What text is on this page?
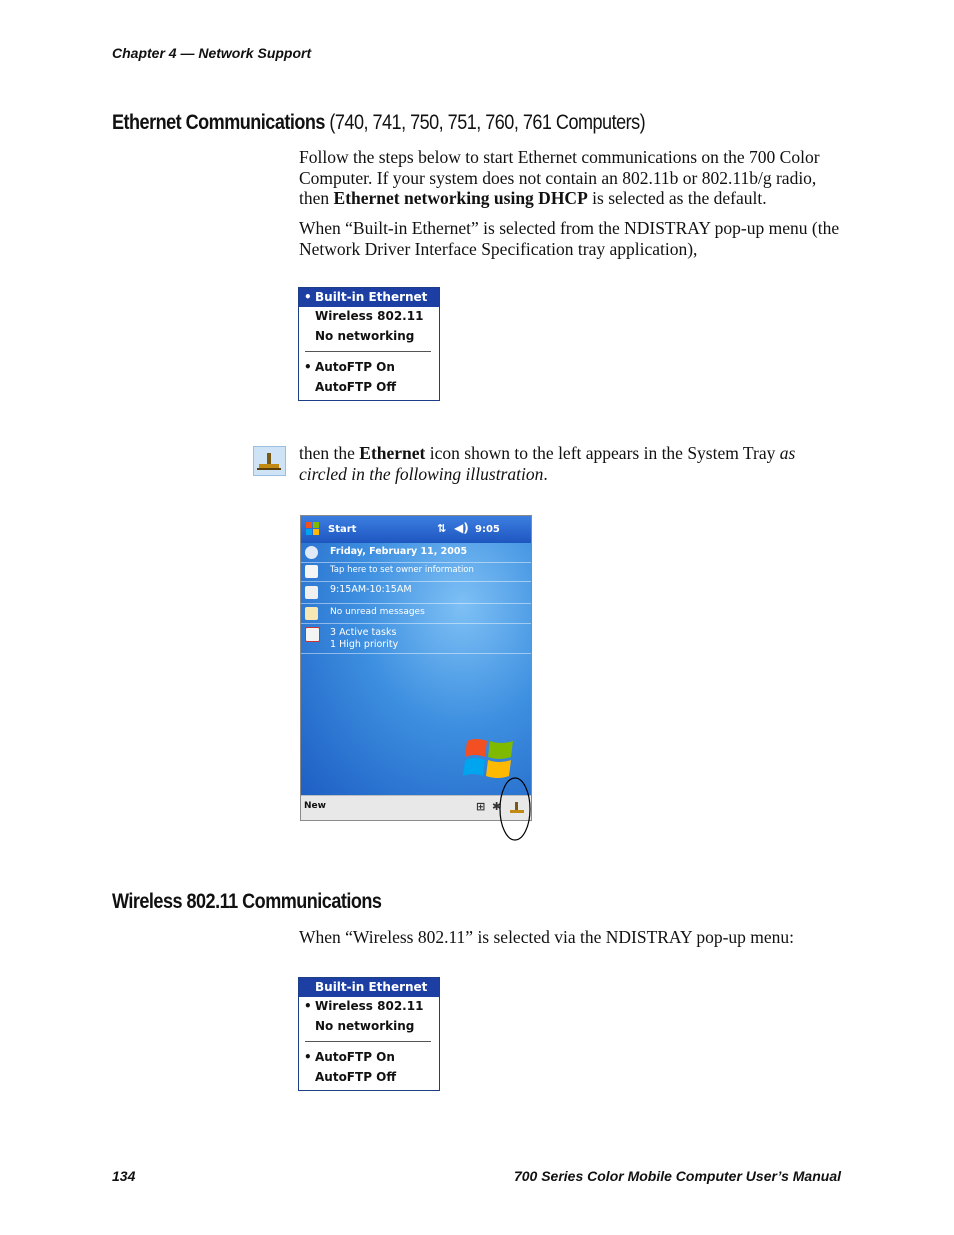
Chapter 4 — Network Support
Ethernet Communications (740, 741, 750, 751, 760, 761 Computers)
Follow the steps below to start Ethernet communications on the 700 Color Computer. If your system does not contain an 802.11b or 802.11b/g radio, then Ethernet networking using DHCP is selected as the default.
When “Built-in Ethernet” is selected from the NDISTRAY pop-up menu (the Network Driver Interface Specification tray application),
• Built-in Ethernet
Wireless 802.11
No networking
• AutoFTP On
AutoFTP Off
then the Ethernet icon shown to the left appears in the System Tray as circled in the following illustration.
Start	⇅ ◀) 9:05
Friday, February 11, 2005
Tap here to set owner information
9:15AM-10:15AM
No unread messages
3 Active tasks
1 High priority
New	⊞ ✱
Wireless 802.11 Communications
When “Wireless 802.11” is selected via the NDISTRAY pop-up menu:
Built-in Ethernet
• Wireless 802.11
No networking
• AutoFTP On
AutoFTP Off
134	700 Series Color Mobile Computer User’s Manual
